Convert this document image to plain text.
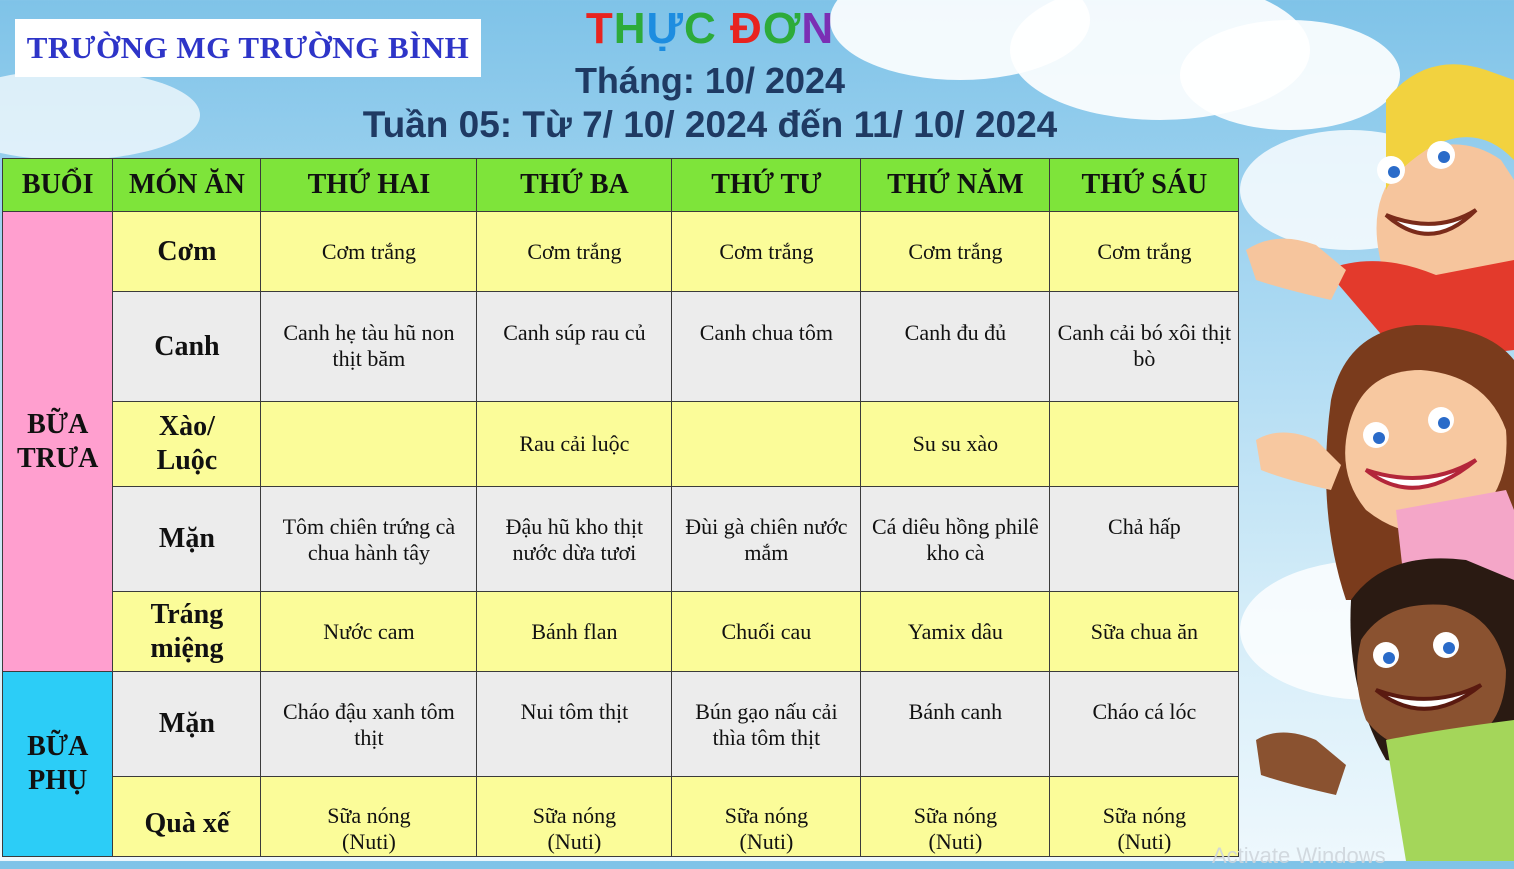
TRƯỜNG MG TRƯỜNG BÌNH	THỰC ĐƠN
Tháng: 10/ 2024
Tuần 05: Từ 7/ 10/ 2024 đến 11/ 10/ 2024
BUỔI	MÓN ĂN	THỨ HAI	THỨ BA	THỨ TƯ	THỨ NĂM	THỨ SÁU
BỮA TRƯA	Cơm	Cơm trắng	Cơm trắng	Cơm trắng	Cơm trắng	Cơm trắng
	Canh	Canh hẹ tàu hũ non thịt băm	Canh súp rau củ	Canh chua tôm	Canh đu đủ	Canh cải bó xôi thịt bò
	Xào/ Luộc		Rau cải luộc		Su su xào	
	Mặn	Tôm chiên trứng cà chua hành tây	Đậu hũ kho thịt nước dừa tươi	Đùi gà chiên nước mắm	Cá diêu hồng philê kho cà	Chả hấp
	Tráng miệng	Nước cam	Bánh flan	Chuối cau	Yamix dâu	Sữa chua ăn
BỮA PHỤ	Mặn	Cháo đậu xanh tôm thịt	Nui tôm thịt	Bún gạo nấu cải thìa tôm thịt	Bánh canh	Cháo cá lóc
	Quà xế	Sữa nóng (Nuti)	Sữa nóng (Nuti)	Sữa nóng (Nuti)	Sữa nóng (Nuti)	Sữa nóng (Nuti)
Activate Windows
